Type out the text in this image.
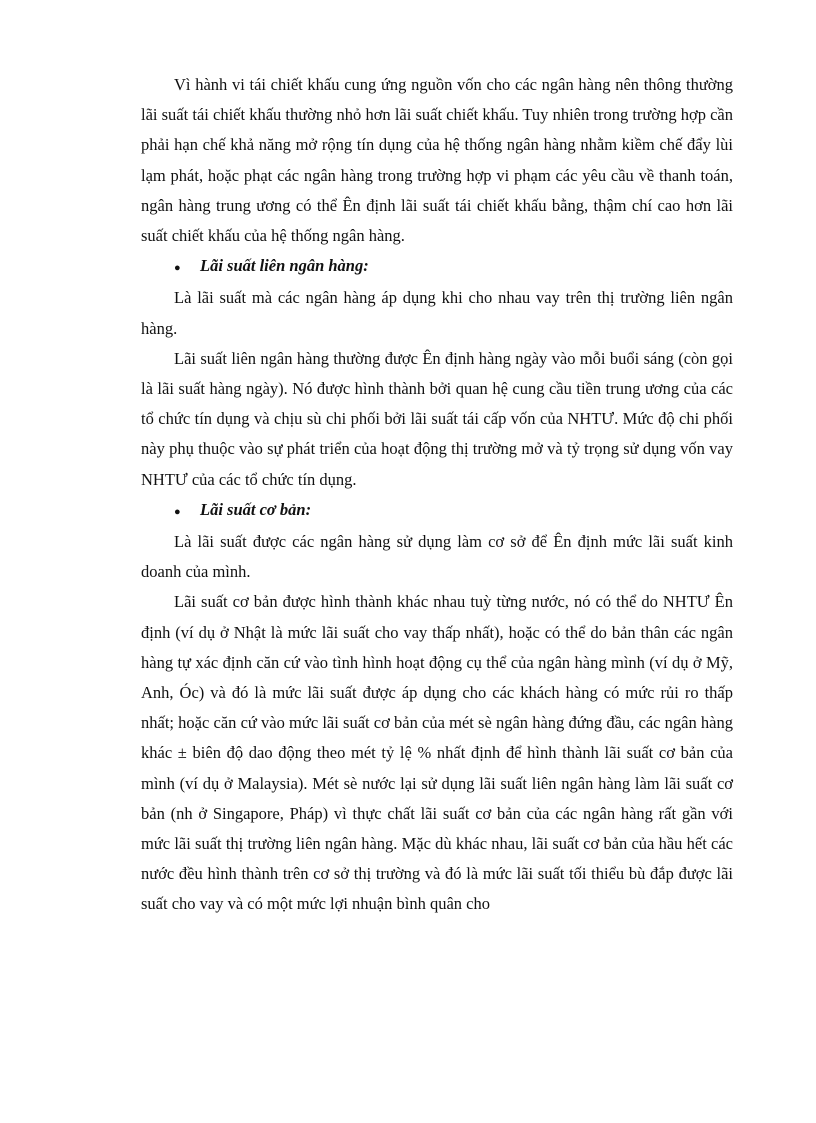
Vì hành vi tái chiết khấu cung ứng nguồn vốn cho các ngân hàng nên thông thường lãi suất tái chiết khấu thường nhỏ hơn lãi suất chiết khấu. Tuy nhiên trong trường hợp cần phải hạn chế khả năng mở rộng tín dụng của hệ thống ngân hàng nhằm kiềm chế đẩy lùi lạm phát, hoặc phạt các ngân hàng trong trường hợp vi phạm các yêu cầu về thanh toán, ngân hàng trung ương có thể Ên định lãi suất tái chiết khấu bằng, thậm chí cao hơn lãi suất chiết khấu của hệ thống ngân hàng.

●	Lãi suất liên ngân hàng:

Là lãi suất mà các ngân hàng áp dụng khi cho nhau vay trên thị trường liên ngân hàng.

Lãi suất liên ngân hàng thường được Ên định hàng ngày vào mỗi buổi sáng (còn gọi là lãi suất hàng ngày). Nó được hình thành bởi quan hệ cung cầu tiền trung ương của các tổ chức tín dụng và chịu sù chi phối bởi lãi suất tái cấp vốn của NHTƯ. Mức độ chi phối này phụ thuộc vào sự phát triển của hoạt động thị trường mở và tỷ trọng sử dụng vốn vay NHTƯ của các tổ chức tín dụng.

●	Lãi suất cơ bản:

Là lãi suất được các ngân hàng sử dụng làm cơ sở để Ên định mức lãi suất kinh doanh của mình.

Lãi suất cơ bản được hình thành khác nhau tuỳ từng nước, nó có thể do NHTƯ Ên định (ví dụ ở Nhật là mức lãi suất cho vay thấp nhất), hoặc có thể do bản thân các ngân hàng tự xác định căn cứ vào tình hình hoạt động cụ thể của ngân hàng mình (ví dụ ở Mỹ, Anh, Óc) và đó là mức lãi suất được áp dụng cho các khách hàng có mức rủi ro thấp nhất; hoặc căn cứ vào mức lãi suất cơ bản của mét sè ngân hàng đứng đầu, các ngân hàng khác ± biên độ dao động theo mét tỷ lệ % nhất định để hình thành lãi suất cơ bản của mình (ví dụ ở Malaysia). Mét sè nước lại sử dụng lãi suất liên ngân hàng làm lãi suất cơ bản (nh ở Singapore, Pháp) vì thực chất lãi suất cơ bản của các ngân hàng rất gần với mức lãi suất thị trường liên ngân hàng. Mặc dù khác nhau, lãi suất cơ bản của hầu hết các nước đều hình thành trên cơ sở thị trường và đó là mức lãi suất tối thiểu bù đắp được lãi suất cho vay và có một mức lợi nhuận bình quân cho
